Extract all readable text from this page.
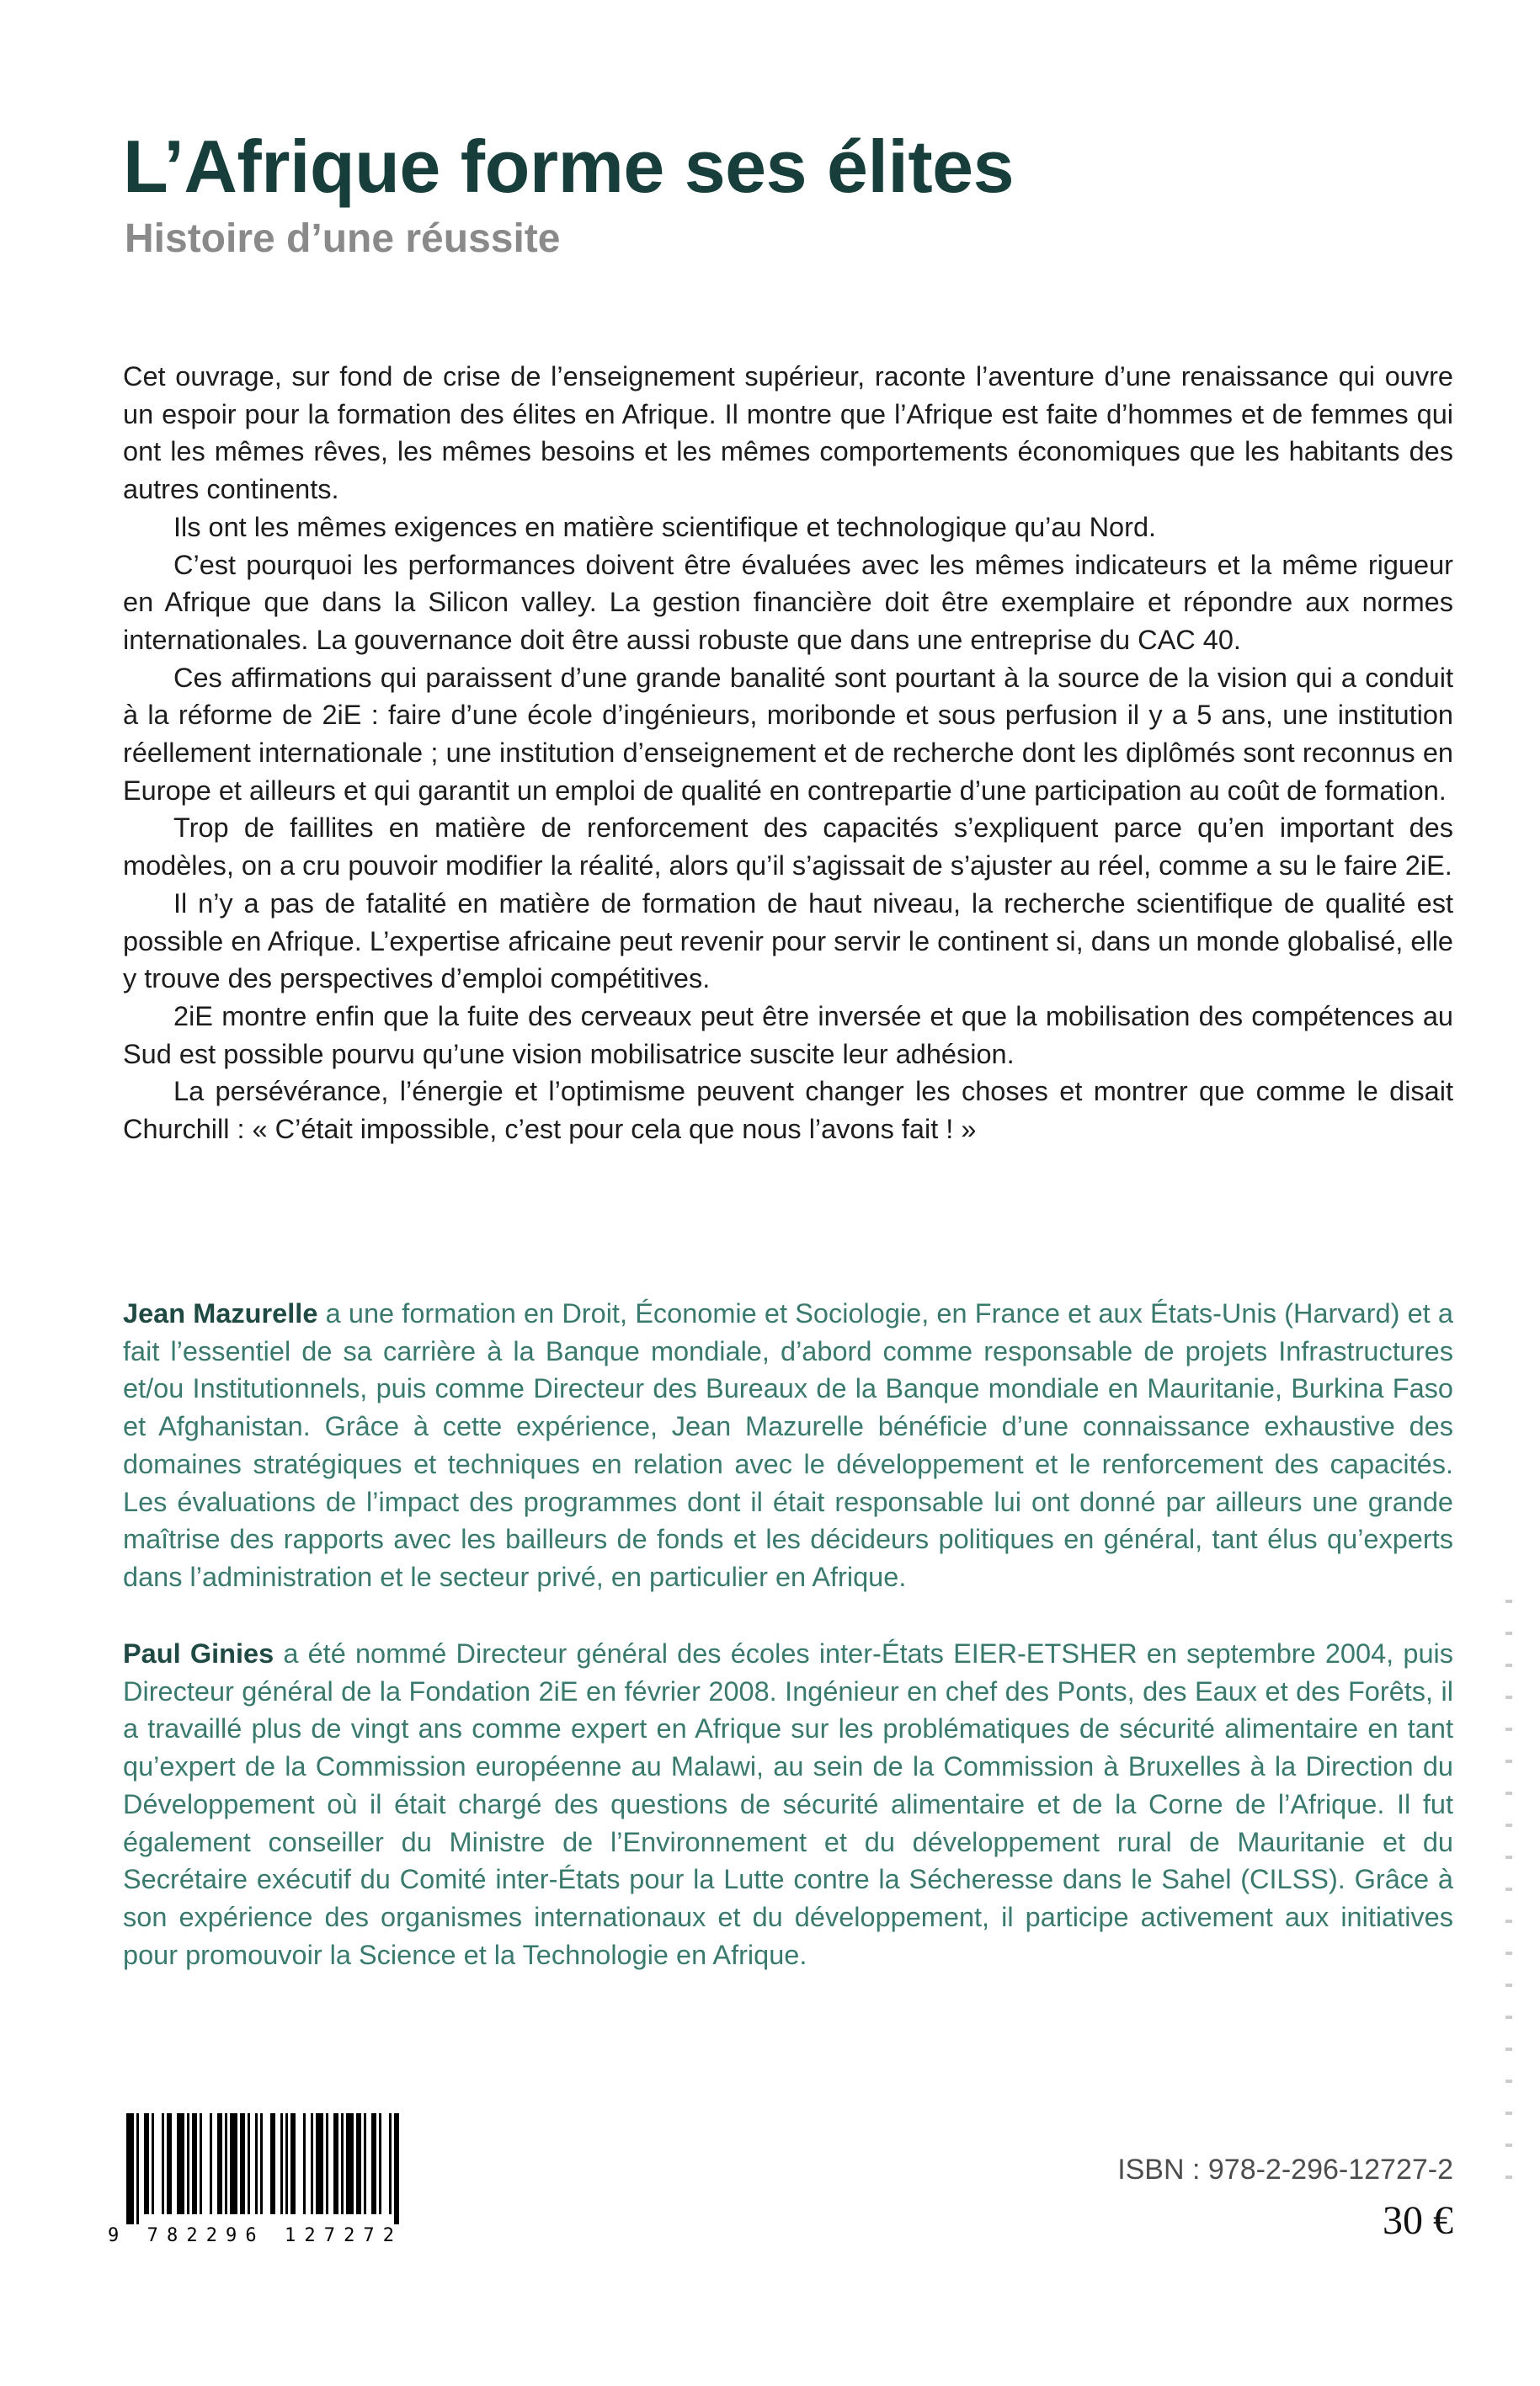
L’Afrique forme ses élites
Histoire d’une réussite

Cet ouvrage, sur fond de crise de l’enseignement supérieur, raconte l’aventure d’une renaissance qui ouvre un espoir pour la formation des élites en Afrique. Il montre que l’Afrique est faite d’hommes et de femmes qui ont les mêmes rêves, les mêmes besoins et les mêmes comportements économiques que les habitants des autres continents.

Ils ont les mêmes exigences en matière scientifique et technologique qu’au Nord.

C’est pourquoi les performances doivent être évaluées avec les mêmes indicateurs et la même rigueur en Afrique que dans la Silicon valley. La gestion financière doit être exemplaire et répondre aux normes internationales. La gouvernance doit être aussi robuste que dans une entreprise du CAC 40.

Ces affirmations qui paraissent d’une grande banalité sont pourtant à la source de la vision qui a conduit à la réforme de 2iE : faire d’une école d’ingénieurs, moribonde et sous perfusion il y a 5 ans, une institution réellement internationale ; une institution d’enseignement et de recherche dont les diplômés sont reconnus en Europe et ailleurs et qui garantit un emploi de qualité en contrepartie d’une participation au coût de formation.

Trop de faillites en matière de renforcement des capacités s’expliquent parce qu’en important des modèles, on a cru pouvoir modifier la réalité, alors qu’il s’agissait de s’ajuster au réel, comme a su le faire 2iE.

Il n’y a pas de fatalité en matière de formation de haut niveau, la recherche scientifique de qualité est possible en Afrique. L’expertise africaine peut revenir pour servir le continent si, dans un monde globalisé, elle y trouve des perspectives d’emploi compétitives.

2iE montre enfin que la fuite des cerveaux peut être inversée et que la mobilisation des compétences au Sud est possible pourvu qu’une vision mobilisatrice suscite leur adhésion.

La persévérance, l’énergie et l’optimisme peuvent changer les choses et montrer que comme le disait Churchill : « C’était impossible, c’est pour cela que nous l’avons fait ! »

Jean Mazurelle a une formation en Droit, Économie et Sociologie, en France et aux États-Unis (Harvard) et a fait l’essentiel de sa carrière à la Banque mondiale, d’abord comme responsable de projets Infrastructures et/ou Institutionnels, puis comme Directeur des Bureaux de la Banque mondiale en Mauritanie, Burkina Faso et Afghanistan. Grâce à cette expérience, Jean Mazurelle bénéficie d’une connaissance exhaustive des domaines stratégiques et techniques en relation avec le développement et le renforcement des capacités. Les évaluations de l’impact des programmes dont il était responsable lui ont donné par ailleurs une grande maîtrise des rapports avec les bailleurs de fonds et les décideurs politiques en général, tant élus qu’experts dans l’administration et le secteur privé, en particulier en Afrique.

Paul Ginies a été nommé Directeur général des écoles inter-États EIER-ETSHER en septembre 2004, puis Directeur général de la Fondation 2iE en février 2008. Ingénieur en chef des Ponts, des Eaux et des Forêts, il a travaillé plus de vingt ans comme expert en Afrique sur les problématiques de sécurité alimentaire en tant qu’expert de la Commission européenne au Malawi, au sein de la Commission à Bruxelles à la Direction du Développement où il était chargé des questions de sécurité alimentaire et de la Corne de l’Afrique. Il fut également conseiller du Ministre de l’Environnement et du développement rural de Mauritanie et du Secrétaire exécutif du Comité inter-États pour la Lutte contre la Sécheresse dans le Sahel (CILSS). Grâce à son expérience des organismes internationaux et du développement, il participe activement aux initiatives pour promouvoir la Science et la Technologie en Afrique.

9 782296 127272

ISBN : 978-2-296-12727-2

30 €
